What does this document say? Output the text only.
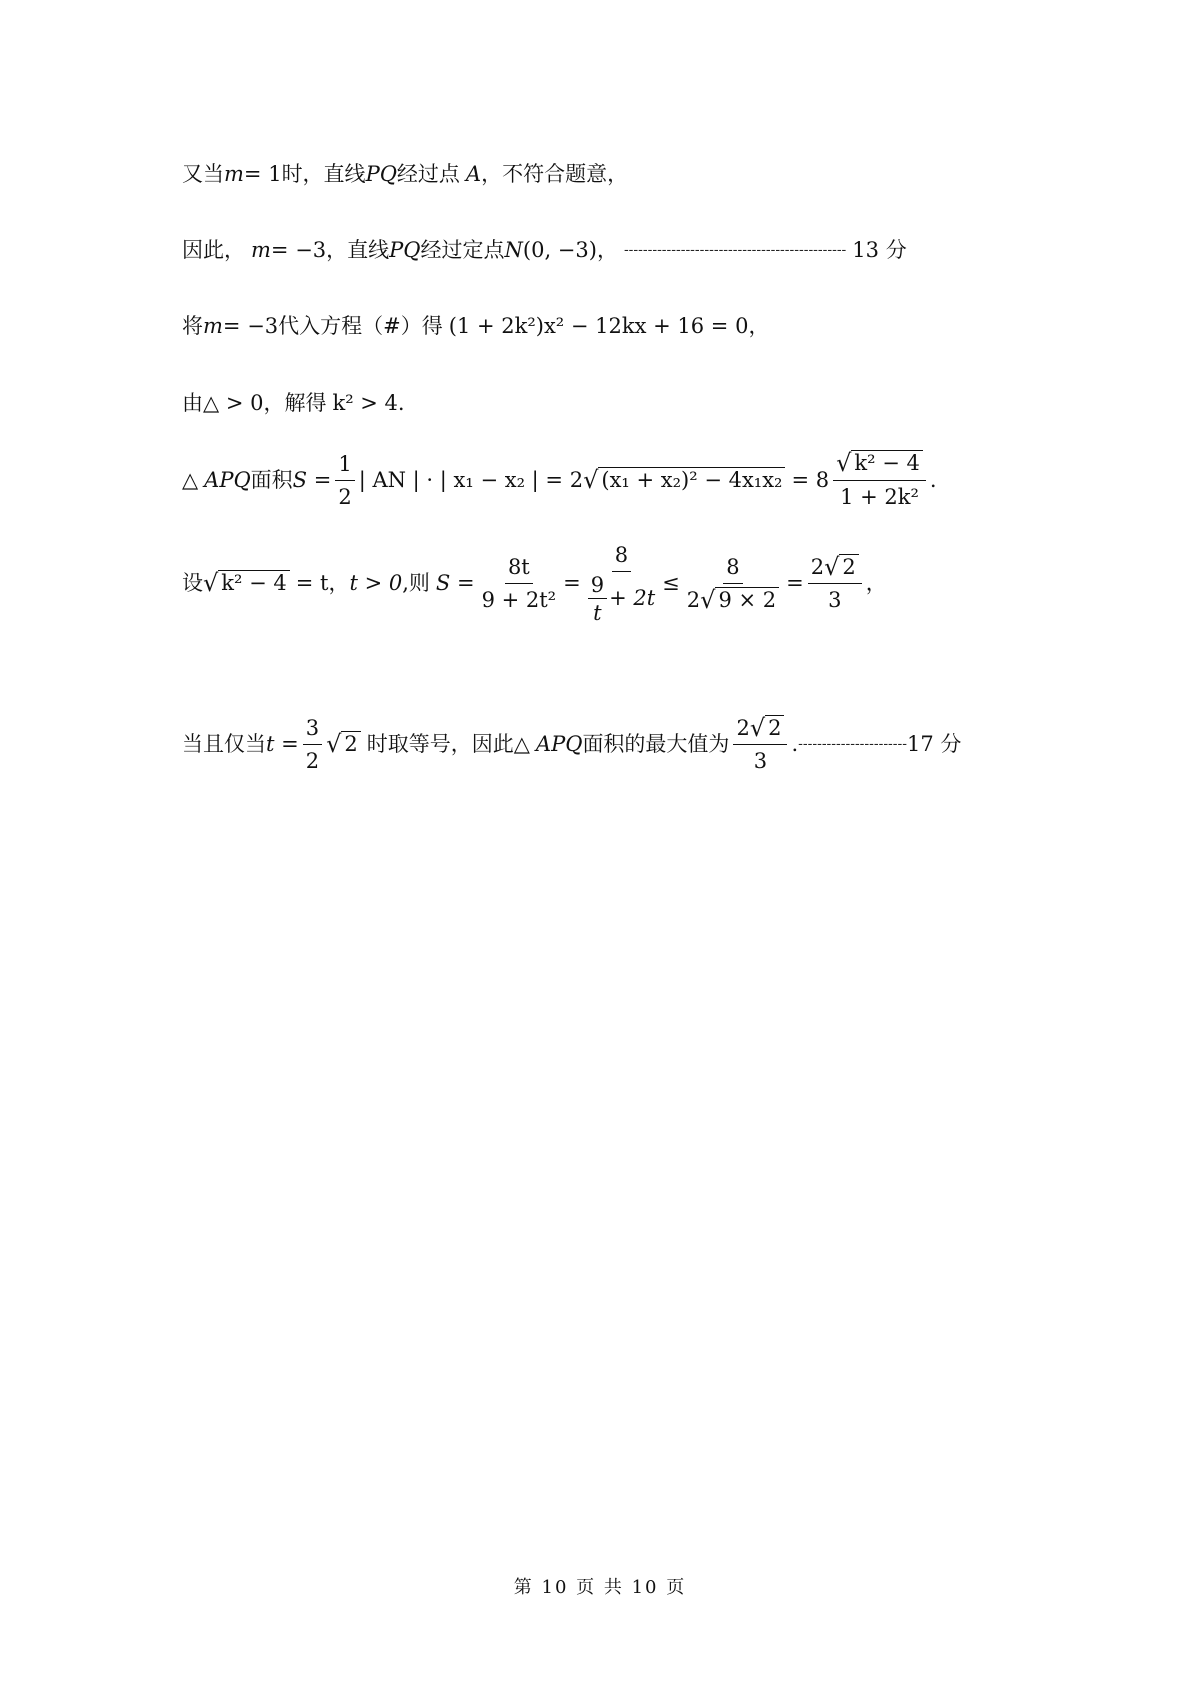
又当 m = 1 时，直线 PQ 经过点 A ，不符合题意，
因此， m = −3 ，直线 PQ 经过定点 N (0, −3) ， ----------------------------------------------- 13 分
将 m = −3 代入方程（#）得 (1 + 2k²)x² − 12kx + 16 = 0 ，
由△ > 0，解得 k² > 4 .
△ APQ 面积 $S = \frac{1}{2}$ | AN | · | x₁ − x₂ | = 2 √ $(x_1 + x_2)^2 - 4x_1x_2 = 8 \frac{\text{√ k² − 4}}{\text{1 + 2k²}}$ .
设 √ k² − 4 = t ， t > 0 ,则 $S = \frac{8t}{\text{9 + 2t²}} = \frac{8}{\frac{9}{t} + 2t} \le \frac{8}{2 √ 9 \times 2} = \frac{2 √ 2}{3}$ ，
当且仅当 $t = \frac{3}{2}$ √ 2 时取等号，因此△ APQ 面积的最大值为 $\frac{2 √ 2}{3}$ . ----------------------- 17 分
第 10 页 共 10 页
